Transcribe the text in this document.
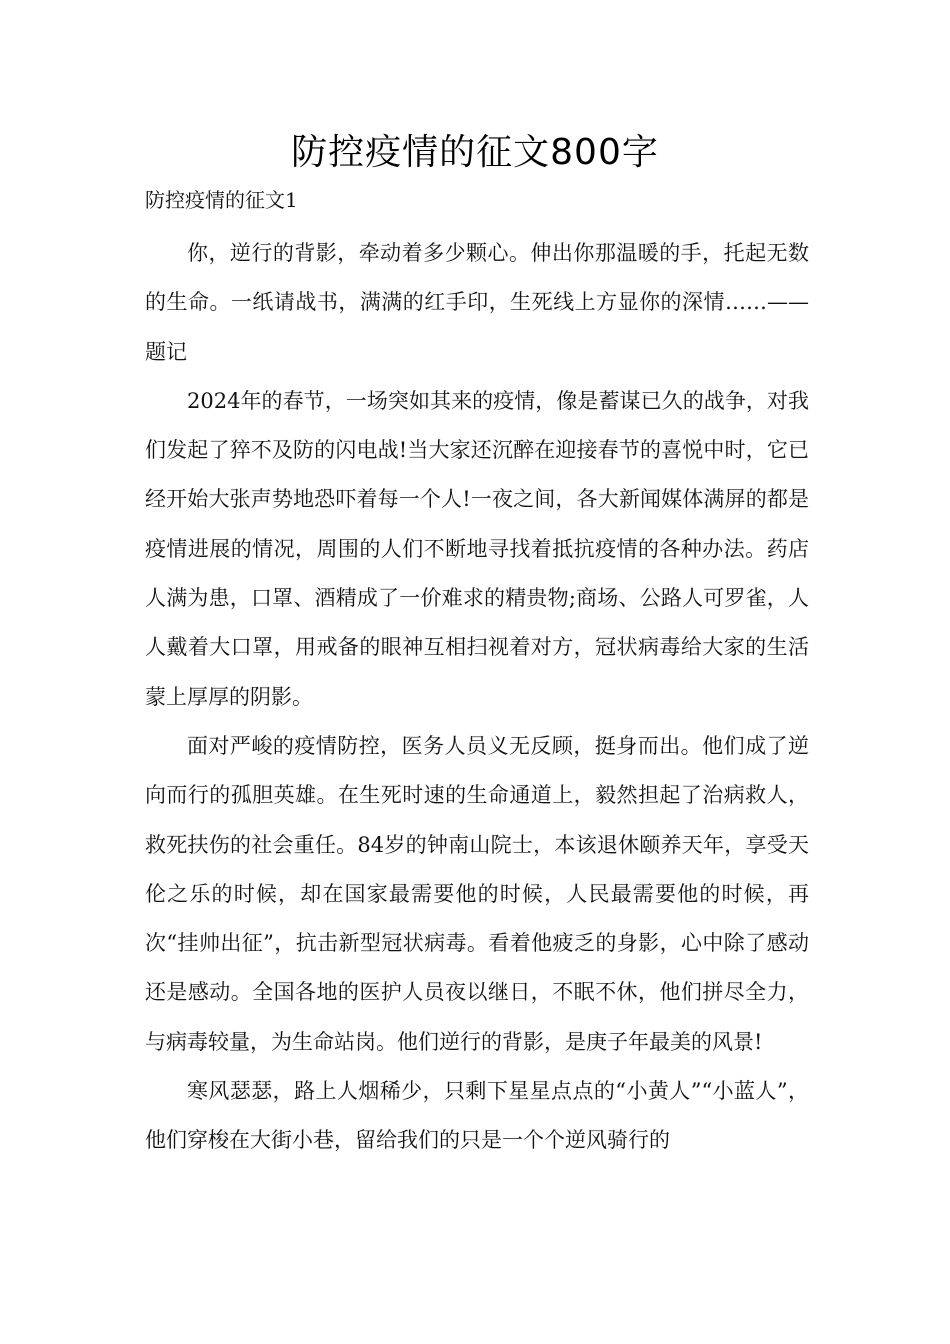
防控疫情的征文800字

防控疫情的征文1

你，逆行的背影，牵动着多少颗心。伸出你那温暖的手，托起无数的生命。一纸请战书，满满的红手印，生死线上方显你的深情……——题记

2024年的春节，一场突如其来的疫情，像是蓄谋已久的战争，对我们发起了猝不及防的闪电战!当大家还沉醉在迎接春节的喜悦中时，它已经开始大张声势地恐吓着每一个人!一夜之间，各大新闻媒体满屏的都是疫情进展的情况，周围的人们不断地寻找着抵抗疫情的各种办法。药店人满为患，口罩、酒精成了一价难求的精贵物;商场、公路人可罗雀，人人戴着大口罩，用戒备的眼神互相扫视着对方，冠状病毒给大家的生活蒙上厚厚的阴影。

面对严峻的疫情防控，医务人员义无反顾，挺身而出。他们成了逆向而行的孤胆英雄。在生死时速的生命通道上，毅然担起了治病救人，救死扶伤的社会重任。84岁的钟南山院士，本该退休颐养天年，享受天伦之乐的时候，却在国家最需要他的时候，人民最需要他的时候，再次“挂帅出征”，抗击新型冠状病毒。看着他疲乏的身影，心中除了感动还是感动。全国各地的医护人员夜以继日，不眠不休，他们拼尽全力，与病毒较量，为生命站岗。他们逆行的背影，是庚子年最美的风景!

寒风瑟瑟，路上人烟稀少，只剩下星星点点的“小黄人”“小蓝人”，他们穿梭在大街小巷，留给我们的只是一个个逆风骑行的
